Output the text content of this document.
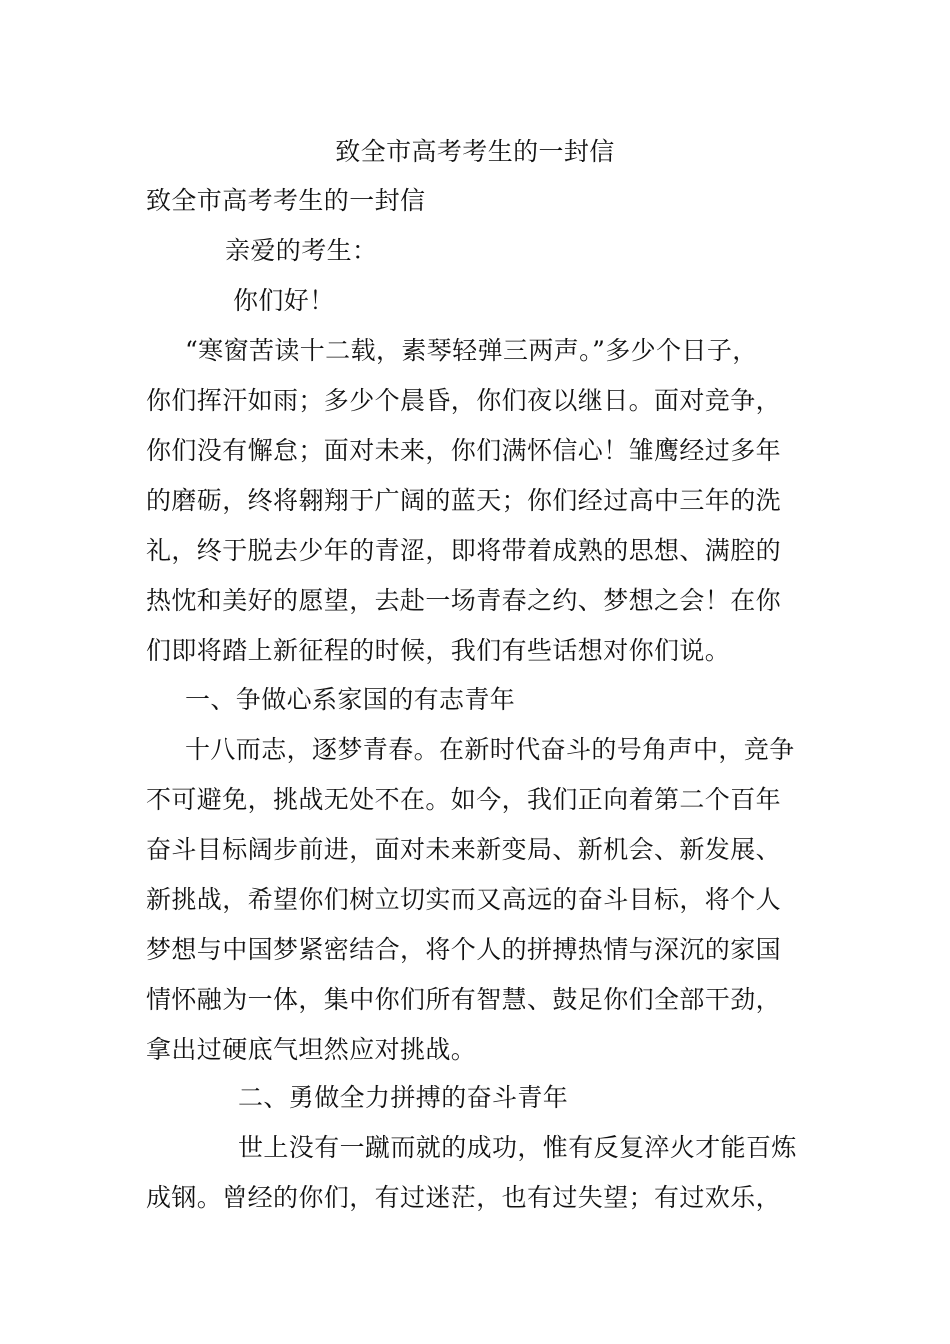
致全市高考考生的一封信
致全市高考考生的一封信
亲爱的考生：
你们好！
“寒窗苦读十二载，素琴轻弹三两声。”多少个日子，
你们挥汗如雨；多少个晨昏，你们夜以继日。面对竞争，
你们没有懈怠；面对未来，你们满怀信心！雏鹰经过多年
的磨砺，终将翱翔于广阔的蓝天；你们经过高中三年的洗
礼，终于脱去少年的青涩，即将带着成熟的思想、满腔的
热忱和美好的愿望，去赴一场青春之约、梦想之会！在你
们即将踏上新征程的时候，我们有些话想对你们说。
一、争做心系家国的有志青年
十八而志，逐梦青春。在新时代奋斗的号角声中，竞争
不可避免，挑战无处不在。如今，我们正向着第二个百年
奋斗目标阔步前进，面对未来新变局、新机会、新发展、
新挑战，希望你们树立切实而又高远的奋斗目标，将个人
梦想与中国梦紧密结合，将个人的拼搏热情与深沉的家国
情怀融为一体，集中你们所有智慧、鼓足你们全部干劲，
拿出过硬底气坦然应对挑战。
二、勇做全力拼搏的奋斗青年
世上没有一蹴而就的成功，惟有反复淬火才能百炼
成钢。曾经的你们，有过迷茫，也有过失望；有过欢乐，
